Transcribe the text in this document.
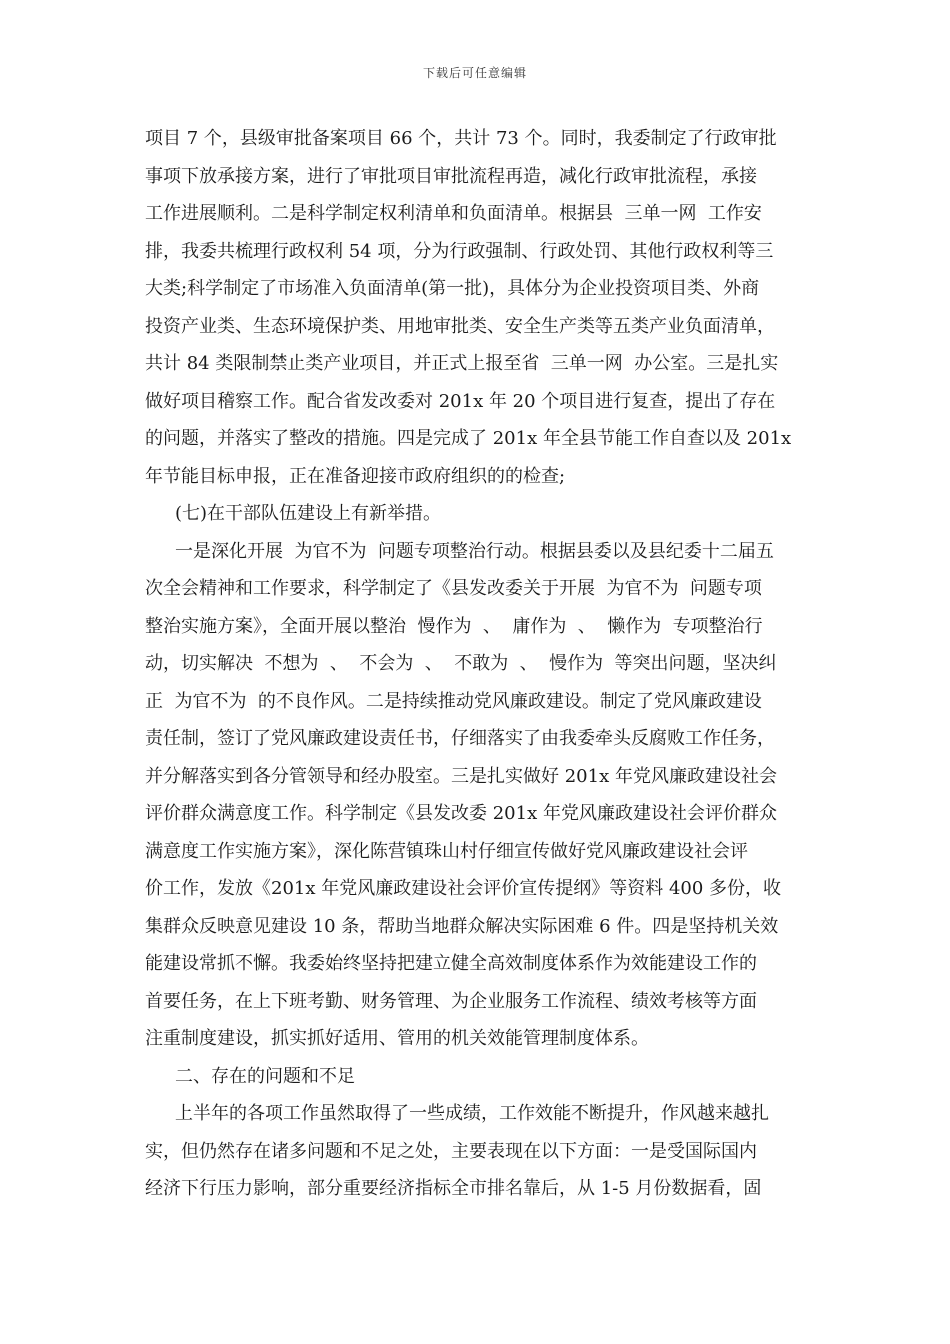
下载后可任意编辑
项目 7 个，县级审批备案项目 66 个，共计 73 个。同时，我委制定了行政审批
事项下放承接方案，进行了审批项目审批流程再造，减化行政审批流程，承接
工作进展顺利。二是科学制定权利清单和负面清单。根据县  三单一网  工作安
排，我委共梳理行政权利 54 项，分为行政强制、行政处罚、其他行政权利等三
大类;科学制定了市场准入负面清单(第一批)，具体分为企业投资项目类、外商
投资产业类、生态环境保护类、用地审批类、安全生产类等五类产业负面清单，
共计 84 类限制禁止类产业项目，并正式上报至省  三单一网  办公室。三是扎实
做好项目稽察工作。配合省发改委对 201x 年 20 个项目进行复查，提出了存在
的问题，并落实了整改的措施。四是完成了 201x 年全县节能工作自查以及 201x
年节能目标申报，正在准备迎接市政府组织的的检查;
(七)在干部队伍建设上有新举措。
一是深化开展  为官不为  问题专项整治行动。根据县委以及县纪委十二届五
次全会精神和工作要求，科学制定了《县发改委关于开展  为官不为  问题专项
整治实施方案》，全面开展以整治  慢作为  、  庸作为  、  懒作为  专项整治行
动，切实解决  不想为  、  不会为  、  不敢为  、  慢作为  等突出问题，坚决纠
正  为官不为  的不良作风。二是持续推动党风廉政建设。制定了党风廉政建设
责任制，签订了党风廉政建设责任书，仔细落实了由我委牵头反腐败工作任务，
并分解落实到各分管领导和经办股室。三是扎实做好 201x 年党风廉政建设社会
评价群众满意度工作。科学制定《县发改委 201x 年党风廉政建设社会评价群众
满意度工作实施方案》，深化陈营镇珠山村仔细宣传做好党风廉政建设社会评
价工作，发放《201x 年党风廉政建设社会评价宣传提纲》等资料 400 多份，收
集群众反映意见建设 10 条，帮助当地群众解决实际困难 6 件。四是坚持机关效
能建设常抓不懈。我委始终坚持把建立健全高效制度体系作为效能建设工作的
首要任务，在上下班考勤、财务管理、为企业服务工作流程、绩效考核等方面
注重制度建设，抓实抓好适用、管用的机关效能管理制度体系。
二、存在的问题和不足
上半年的各项工作虽然取得了一些成绩，工作效能不断提升，作风越来越扎
实，但仍然存在诸多问题和不足之处，主要表现在以下方面：一是受国际国内
经济下行压力影响，部分重要经济指标全市排名靠后，从 1-5 月份数据看，固
